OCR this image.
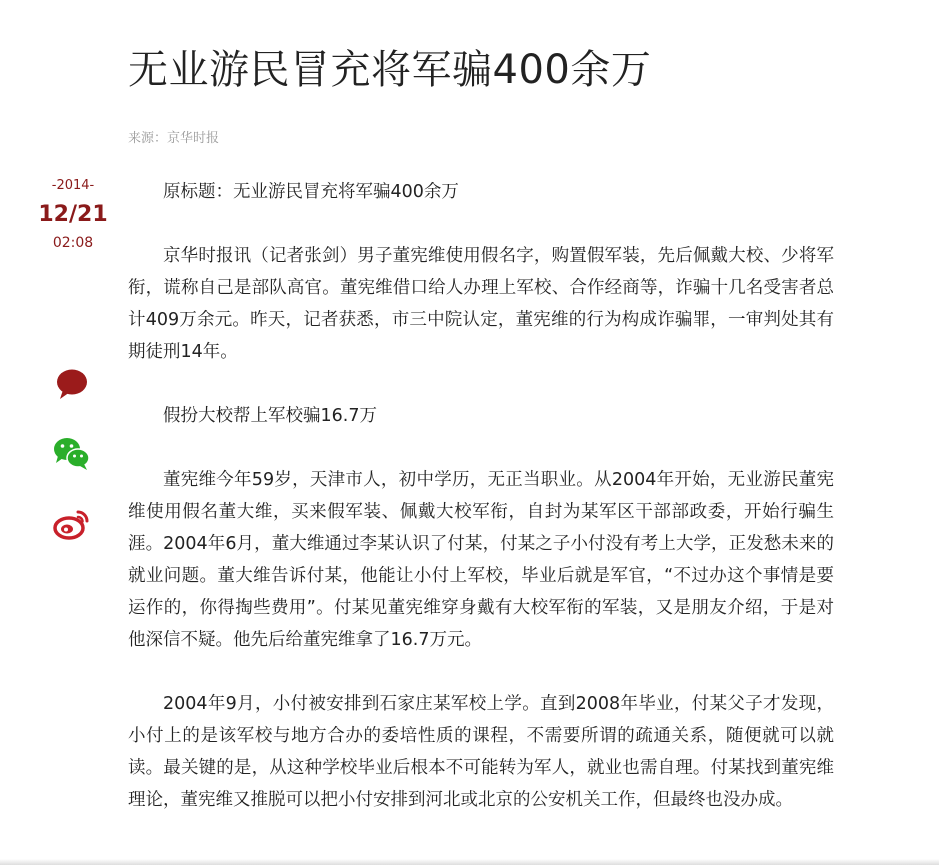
无业游民冒充将军骗400余万
来源：京华时报
-2014-
12/21
02:08

原标题：无业游民冒充将军骗400余万

京华时报讯（记者张剑）男子董宪维使用假名字，购置假军装，先后佩戴大校、少将军衔，谎称自己是部队高官。董宪维借口给人办理上军校、合作经商等，诈骗十几名受害者总计409万余元。昨天，记者获悉，市三中院认定，董宪维的行为构成诈骗罪，一审判处其有期徒刑14年。

假扮大校帮上军校骗16.7万

董宪维今年59岁，天津市人，初中学历，无正当职业。从2004年开始，无业游民董宪维使用假名董大维，买来假军装、佩戴大校军衔，自封为某军区干部部政委，开始行骗生涯。2004年6月，董大维通过李某认识了付某，付某之子小付没有考上大学，正发愁未来的就业问题。董大维告诉付某，他能让小付上军校，毕业后就是军官，“不过办这个事情是要运作的，你得掏些费用”。付某见董宪维穿身戴有大校军衔的军装，又是朋友介绍，于是对他深信不疑。他先后给董宪维拿了16.7万元。

2004年9月，小付被安排到石家庄某军校上学。直到2008年毕业，付某父子才发现，小付上的是该军校与地方合办的委培性质的课程，不需要所谓的疏通关系，随便就可以就读。最关键的是，从这种学校毕业后根本不可能转为军人，就业也需自理。付某找到董宪维理论，董宪维又推脱可以把小付安排到河北或北京的公安机关工作，但最终也没办成。
